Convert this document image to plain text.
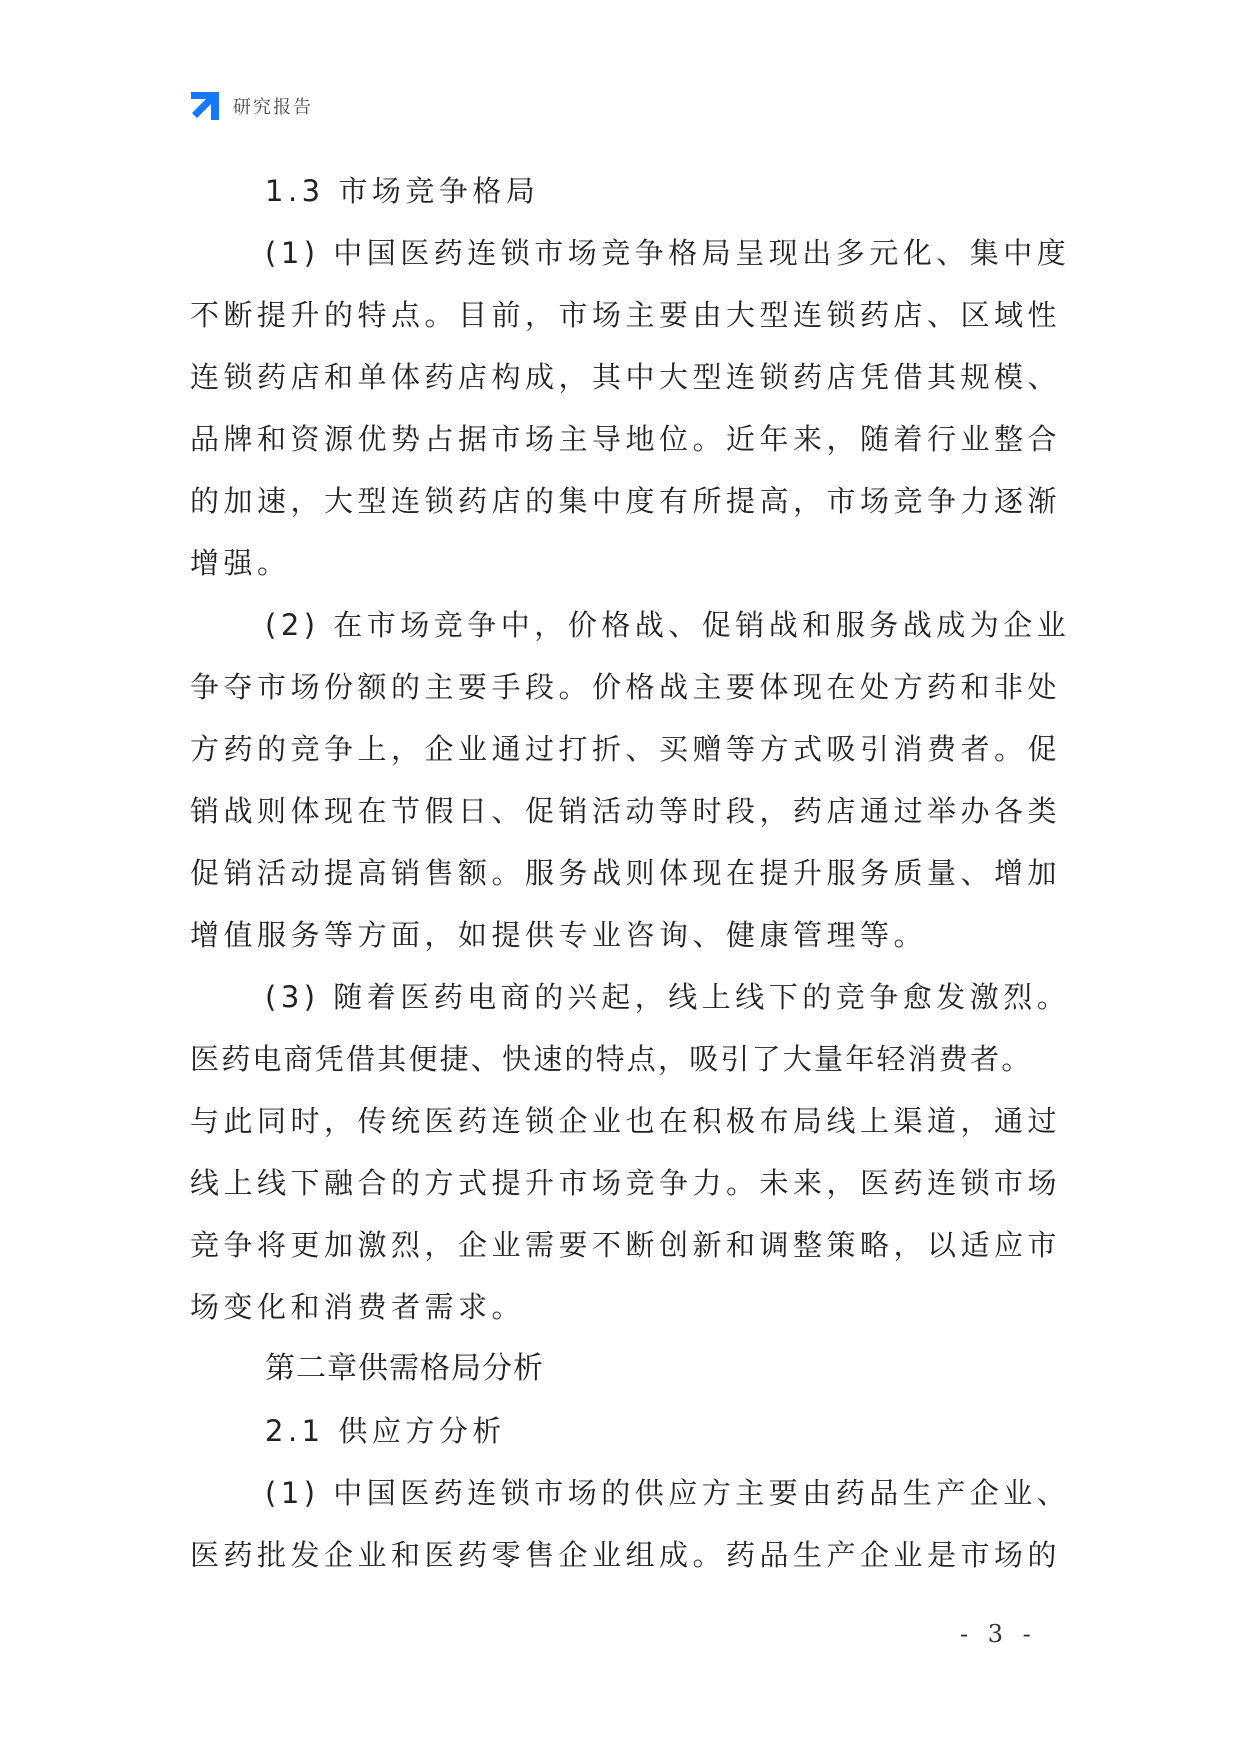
研究报告
1.3 市场竞争格局
(1) 中国医药连锁市场竞争格局呈现出多元化、集中度
不断提升的特点。目前，市场主要由大型连锁药店、区域性
连锁药店和单体药店构成，其中大型连锁药店凭借其规模、
品牌和资源优势占据市场主导地位。近年来，随着行业整合
的加速，大型连锁药店的集中度有所提高，市场竞争力逐渐
增强。
(2) 在市场竞争中，价格战、促销战和服务战成为企业
争夺市场份额的主要手段。价格战主要体现在处方药和非处
方药的竞争上，企业通过打折、买赠等方式吸引消费者。促
销战则体现在节假日、促销活动等时段，药店通过举办各类
促销活动提高销售额。服务战则体现在提升服务质量、增加
增值服务等方面，如提供专业咨询、健康管理等。
(3) 随着医药电商的兴起，线上线下的竞争愈发激烈。
医药电商凭借其便捷、快速的特点，吸引了大量年轻消费者。
与此同时，传统医药连锁企业也在积极布局线上渠道，通过
线上线下融合的方式提升市场竞争力。未来，医药连锁市场
竞争将更加激烈，企业需要不断创新和调整策略，以适应市
场变化和消费者需求。
第二章供需格局分析
2.1 供应方分析
(1) 中国医药连锁市场的供应方主要由药品生产企业、
医药批发企业和医药零售企业组成。药品生产企业是市场的
- 3 -
